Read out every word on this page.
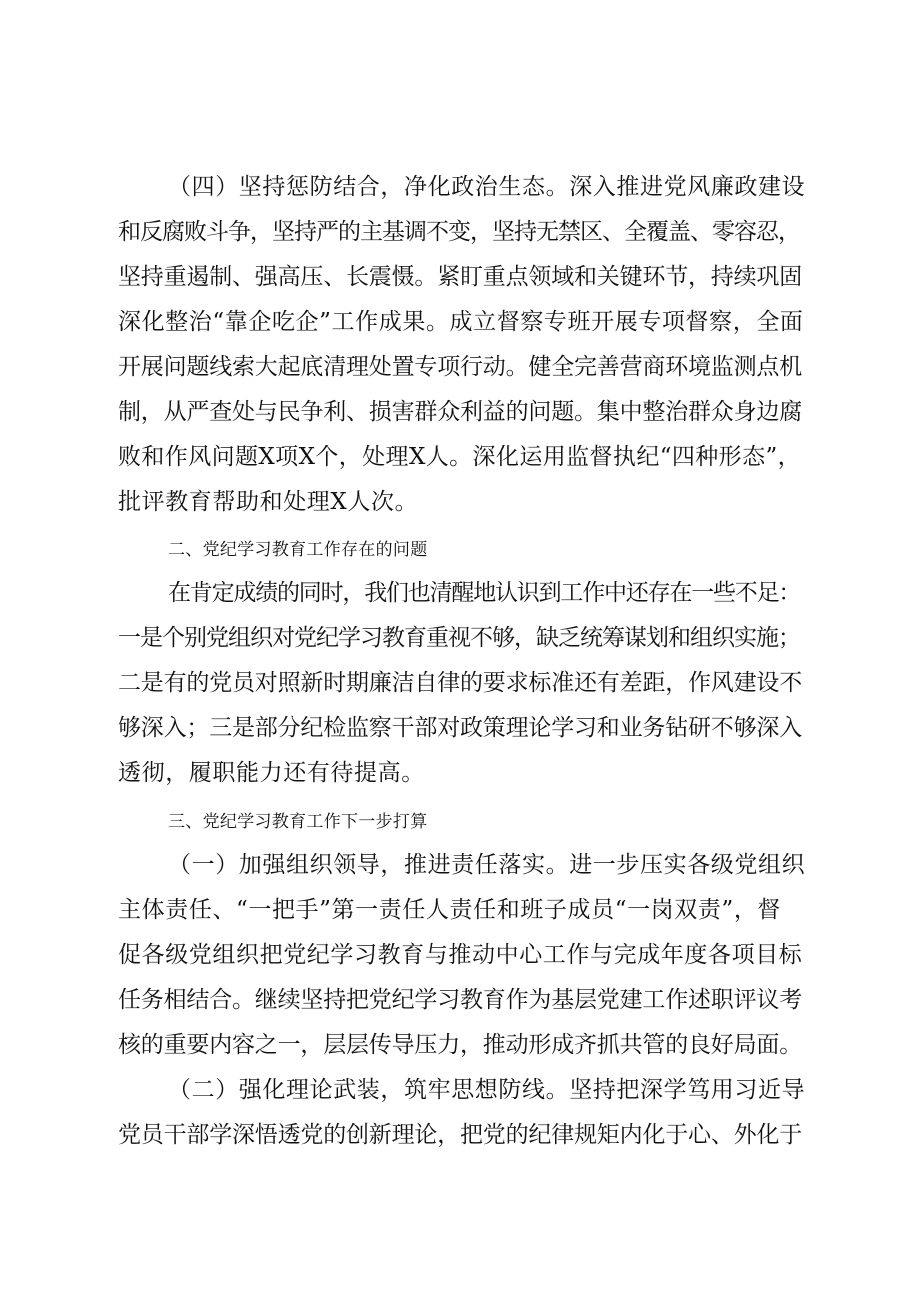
（四）坚持惩防结合，净化政治生态。深入推进党风廉政建设
和反腐败斗争，坚持严的主基调不变，坚持无禁区、全覆盖、零容忍，
坚持重遏制、强高压、长震慑。紧盯重点领域和关键环节，持续巩固
深化整治“靠企吃企”工作成果。成立督察专班开展专项督察，全面
开展问题线索大起底清理处置专项行动。健全完善营商环境监测点机
制，从严查处与民争利、损害群众利益的问题。集中整治群众身边腐
败和作风问题X项X个，处理X人。深化运用监督执纪“四种形态”，
批评教育帮助和处理X人次。
二、党纪学习教育工作存在的问题
在肯定成绩的同时，我们也清醒地认识到工作中还存在一些不足：
一是个别党组织对党纪学习教育重视不够，缺乏统筹谋划和组织实施；
二是有的党员对照新时期廉洁自律的要求标准还有差距，作风建设不
够深入；三是部分纪检监察干部对政策理论学习和业务钻研不够深入
透彻，履职能力还有待提高。
三、党纪学习教育工作下一步打算
（一）加强组织领导，推进责任落实。进一步压实各级党组织
主体责任、“一把手”第一责任人责任和班子成员“一岗双责”，督
促各级党组织把党纪学习教育与推动中心工作与完成年度各项目标
任务相结合。继续坚持把党纪学习教育作为基层党建工作述职评议考
核的重要内容之一，层层传导压力，推动形成齐抓共管的良好局面。
（二）强化理论武装，筑牢思想防线。坚持把深学笃用习近导
党员干部学深悟透党的创新理论，把党的纪律规矩内化于心、外化于
